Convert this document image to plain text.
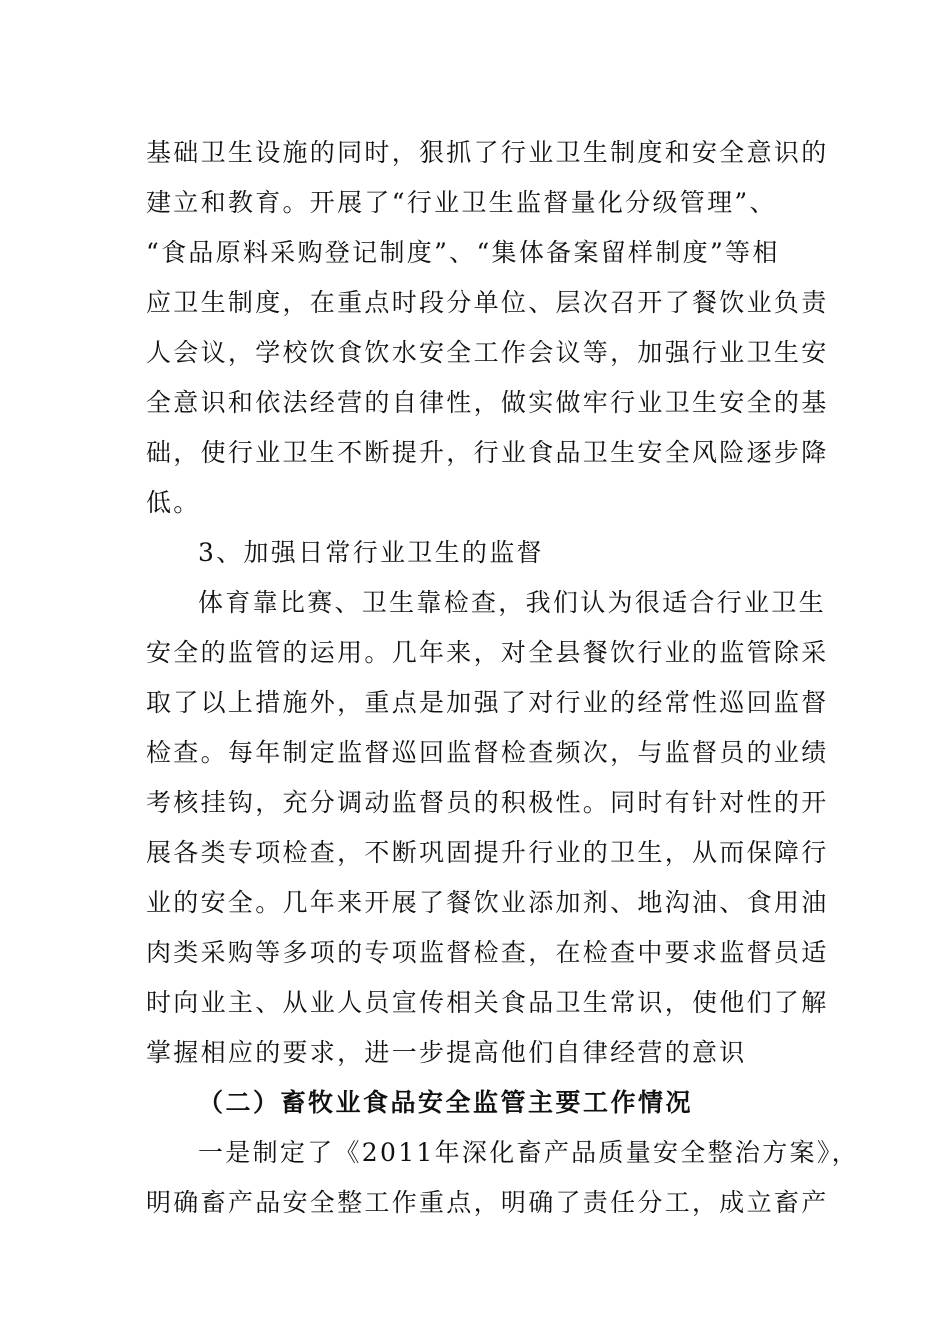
基础卫生设施的同时，狠抓了行业卫生制度和安全意识的
建立和教育。开展了“行业卫生监督量化分级管理”、
“食品原料采购登记制度”、“集体备案留样制度”等相
应卫生制度，在重点时段分单位、层次召开了餐饮业负责
人会议，学校饮食饮水安全工作会议等，加强行业卫生安
全意识和依法经营的自律性，做实做牢行业卫生安全的基
础，使行业卫生不断提升，行业食品卫生安全风险逐步降
低。
3、加强日常行业卫生的监督
体育靠比赛、卫生靠检查，我们认为很适合行业卫生
安全的监管的运用。几年来，对全县餐饮行业的监管除采
取了以上措施外，重点是加强了对行业的经常性巡回监督
检查。每年制定监督巡回监督检查频次，与监督员的业绩
考核挂钩，充分调动监督员的积极性。同时有针对性的开
展各类专项检查，不断巩固提升行业的卫生，从而保障行
业的安全。几年来开展了餐饮业添加剂、地沟油、食用油
肉类采购等多项的专项监督检查，在检查中要求监督员适
时向业主、从业人员宣传相关食品卫生常识，使他们了解
掌握相应的要求，进一步提高他们自律经营的意识
（二）畜牧业食品安全监管主要工作情况
一是制定了《2011年深化畜产品质量安全整治方案》，
明确畜产品安全整工作重点，明确了责任分工，成立畜产
